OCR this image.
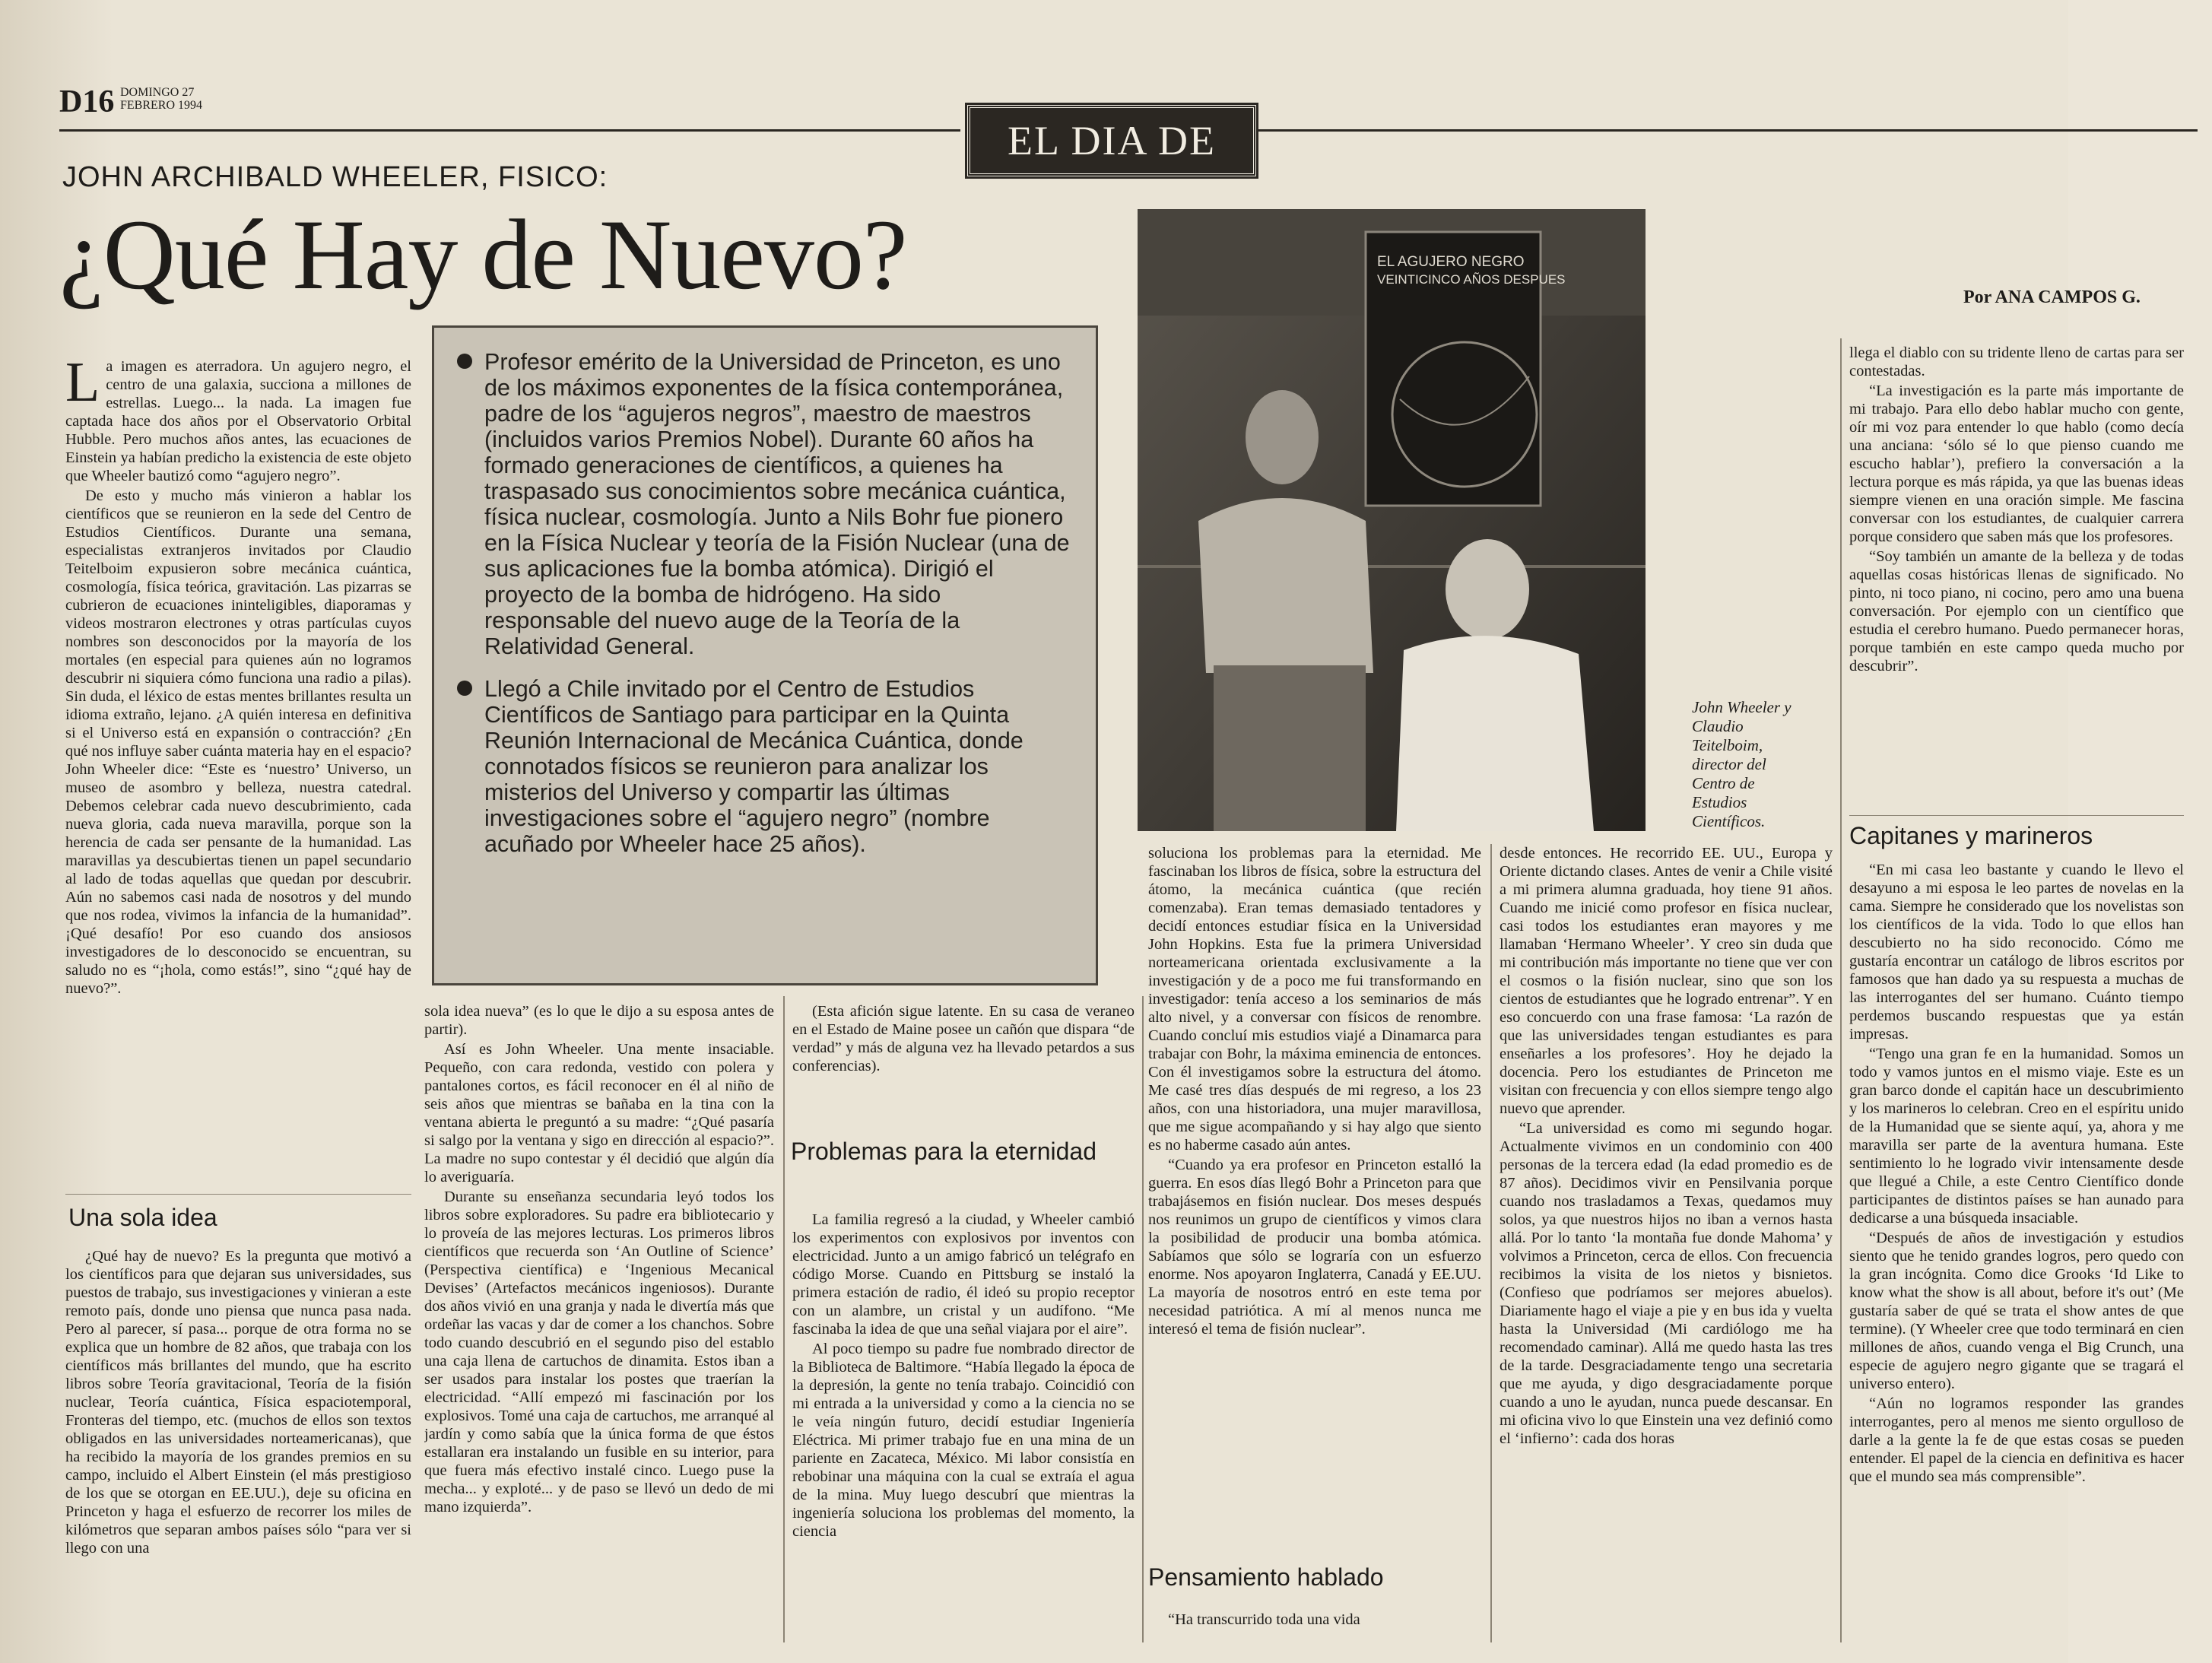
D16 DOMINGO 27
FEBRERO 1994
EL DIA DE
JOHN ARCHIBALD WHEELER, FISICO:
¿Qué Hay de Nuevo?	Por ANA CAMPOS G.

La imagen es aterradora. Un agujero negro, el centro de una galaxia, succiona a millones de estrellas. Luego... la nada. La imagen fue captada hace dos años por el Observatorio Orbital Hubble. Pero muchos años antes, las ecuaciones de Einstein ya habían predicho la existencia de este objeto que Wheeler bautizó como “agujero negro”.

De esto y mucho más vinieron a hablar los científicos que se reunieron en la sede del Centro de Estudios Científicos. Durante una semana, especialistas extranjeros invitados por Claudio Teitelboim expusieron sobre mecánica cuántica, cosmología, física teórica, gravitación. Las pizarras se cubrieron de ecuaciones ininteligibles, diaporamas y videos mostraron electrones y otras partículas cuyos nombres son desconocidos por la mayoría de los mortales (en especial para quienes aún no logramos descubrir ni siquiera cómo funciona una radio a pilas). Sin duda, el léxico de estas mentes brillantes resulta un idioma extraño, lejano. ¿A quién interesa en definitiva si el Universo está en expansión o contracción? ¿En qué nos influye saber cuánta materia hay en el espacio? John Wheeler dice: “Este es ‘nuestro’ Universo, un museo de asombro y belleza, nuestra catedral. Debemos celebrar cada nuevo descubrimiento, cada nueva gloria, cada nueva maravilla, porque son la herencia de cada ser pensante de la humanidad. Las maravillas ya descubiertas tienen un papel secundario al lado de todas aquellas que quedan por descubrir. Aún no sabemos casi nada de nosotros y del mundo que nos rodea, vivimos la infancia de la humanidad”. ¡Qué desafío! Por eso cuando dos ansiosos investigadores de lo desconocido se encuentran, su saludo no es “¡hola, como estás!”, sino “¿qué hay de nuevo?”.

Una sola idea

¿Qué hay de nuevo? Es la pregunta que motivó a los científicos para que dejaran sus universidades, sus puestos de trabajo, sus investigaciones y vinieran a este remoto país, donde uno piensa que nunca pasa nada. Pero al parecer, sí pasa... porque de otra forma no se explica que un hombre de 82 años, que trabaja con los científicos más brillantes del mundo, que ha escrito libros sobre Teoría gravitacional, Teoría de la fisión nuclear, Teoría cuántica, Física espaciotemporal, Fronteras del tiempo, etc. (muchos de ellos son textos obligados en las universidades norteamericanas), que ha recibido la mayoría de los grandes premios en su campo, incluido el Albert Einstein (el más prestigioso de los que se otorgan en EE.UU.), deje su oficina en Princeton y haga el esfuerzo de recorrer los miles de kilómetros que separan ambos países sólo “para ver si llego con una

Profesor emérito de la Universidad de Princeton, es uno de los máximos exponentes de la física contemporánea, padre de los “agujeros negros”, maestro de maestros (incluidos varios Premios Nobel). Durante 60 años ha formado generaciones de científicos, a quienes ha traspasado sus conocimientos sobre mecánica cuántica, física nuclear, cosmología. Junto a Nils Bohr fue pionero en la Física Nuclear y teoría de la Fisión Nuclear (una de sus aplicaciones fue la bomba atómica). Dirigió el proyecto de la bomba de hidrógeno. Ha sido responsable del nuevo auge de la Teoría de la Relatividad General.

Llegó a Chile invitado por el Centro de Estudios Científicos de Santiago para participar en la Quinta Reunión Internacional de Mecánica Cuántica, donde connotados físicos se reunieron para analizar los misterios del Universo y compartir las últimas investigaciones sobre el “agujero negro” (nombre acuñado por Wheeler hace 25 años).

EL AGUJERO NEGRO
VEINTICINCO AÑOS DESPUES
John Wheeler y Claudio Teitelboim, director del Centro de Estudios Científicos.

sola idea nueva” (es lo que le dijo a su esposa antes de partir).

Así es John Wheeler. Una mente insaciable. Pequeño, con cara redonda, vestido con polera y pantalones cortos, es fácil reconocer en él al niño de seis años que mientras se bañaba en la tina con la ventana abierta le preguntó a su madre: “¿Qué pasaría si salgo por la ventana y sigo en dirección al espacio?”. La madre no supo contestar y él decidió que algún día lo averiguaría.

Durante su enseñanza secundaria leyó todos los libros sobre exploradores. Su padre era bibliotecario y lo proveía de las mejores lecturas. Los primeros libros científicos que recuerda son ‘An Outline of Science’ (Perspectiva científica) e ‘Ingenious Mecanical Devises’ (Artefactos mecánicos ingeniosos). Durante dos años vivió en una granja y nada le divertía más que ordeñar las vacas y dar de comer a los chanchos. Sobre todo cuando descubrió en el segundo piso del establo una caja llena de cartuchos de dinamita. Estos iban a ser usados para instalar los postes que traerían la electricidad. “Allí empezó mi fascinación por los explosivos. Tomé una caja de cartuchos, me arranqué al jardín y como sabía que la única forma de que éstos estallaran era instalando un fusible en su interior, para que fuera más efectivo instalé cinco. Luego puse la mecha... y exploté... y de paso se llevó un dedo de mi mano izquierda”.

(Esta afición sigue latente. En su casa de veraneo en el Estado de Maine posee un cañón que dispara “de verdad” y más de alguna vez ha llevado petardos a sus conferencias).

Problemas para la eternidad

La familia regresó a la ciudad, y Wheeler cambió los experimentos con explosivos por inventos con electricidad. Junto a un amigo fabricó un telégrafo en código Morse. Cuando en Pittsburg se instaló la primera estación de radio, él ideó su propio receptor con un alambre, un cristal y un audífono. “Me fascinaba la idea de que una señal viajara por el aire”.

Al poco tiempo su padre fue nombrado director de la Biblioteca de Baltimore. “Había llegado la época de la depresión, la gente no tenía trabajo. Coincidió con mi entrada a la universidad y como a la ciencia no se le veía ningún futuro, decidí estudiar Ingeniería Eléctrica. Mi primer trabajo fue en una mina de un pariente en Zacateca, México. Mi labor consistía en rebobinar una máquina con la cual se extraía el agua de la mina. Muy luego descubrí que mientras la ingeniería soluciona los problemas del momento, la ciencia

soluciona los problemas para la eternidad. Me fascinaban los libros de física, sobre la estructura del átomo, la mecánica cuántica (que recién comenzaba). Eran temas demasiado tentadores y decidí entonces estudiar física en la Universidad John Hopkins. Esta fue la primera Universidad norteamericana orientada exclusivamente a la investigación y de a poco me fui transformando en investigador: tenía acceso a los seminarios de más alto nivel, y a conversar con físicos de renombre. Cuando concluí mis estudios viajé a Dinamarca para trabajar con Bohr, la máxima eminencia de entonces. Con él investigamos sobre la estructura del átomo. Me casé tres días después de mi regreso, a los 23 años, con una historiadora, una mujer maravillosa, que me sigue acompañando y si hay algo que siento es no haberme casado aún antes.

“Cuando ya era profesor en Princeton estalló la guerra. En esos días llegó Bohr a Princeton para que trabajásemos en fisión nuclear. Dos meses después nos reunimos un grupo de científicos y vimos clara la posibilidad de producir una bomba atómica. Sabíamos que sólo se lograría con un esfuerzo enorme. Nos apoyaron Inglaterra, Canadá y EE.UU. La mayoría de nosotros entró en este tema por necesidad patriótica. A mí al menos nunca me interesó el tema de fisión nuclear”.

Pensamiento hablado

“Ha transcurrido toda una vida

desde entonces. He recorrido EE. UU., Europa y Oriente dictando clases. Antes de venir a Chile visité a mi primera alumna graduada, hoy tiene 91 años. Cuando me inicié como profesor en física nuclear, casi todos los estudiantes eran mayores y me llamaban ‘Hermano Wheeler’. Y creo sin duda que mi contribución más importante no tiene que ver con el cosmos o la fisión nuclear, sino que son los cientos de estudiantes que he logrado entrenar”. Y en eso concuerdo con una frase famosa: ‘La razón de que las universidades tengan estudiantes es para enseñarles a los profesores’. Hoy he dejado la docencia. Pero los estudiantes de Princeton me visitan con frecuencia y con ellos siempre tengo algo nuevo que aprender.

“La universidad es como mi segundo hogar. Actualmente vivimos en un condominio con 400 personas de la tercera edad (la edad promedio es de 87 años). Decidimos vivir en Pensilvania porque cuando nos trasladamos a Texas, quedamos muy solos, ya que nuestros hijos no iban a vernos hasta allá. Por lo tanto ‘la montaña fue donde Mahoma’ y volvimos a Princeton, cerca de ellos. Con frecuencia recibimos la visita de los nietos y bisnietos. (Confieso que podríamos ser mejores abuelos). Diariamente hago el viaje a pie y en bus ida y vuelta hasta la Universidad (Mi cardiólogo me ha recomendado caminar). Allá me quedo hasta las tres de la tarde. Desgraciadamente tengo una secretaria que me ayuda, y digo desgraciadamente porque cuando a uno le ayudan, nunca puede descansar. En mi oficina vivo lo que Einstein una vez definió como el ‘infierno’: cada dos horas

llega el diablo con su tridente lleno de cartas para ser contestadas.

“La investigación es la parte más importante de mi trabajo. Para ello debo hablar mucho con gente, oír mi voz para entender lo que hablo (como decía una anciana: ‘sólo sé lo que pienso cuando me escucho hablar’), prefiero la conversación a la lectura porque es más rápida, ya que las buenas ideas siempre vienen en una oración simple. Me fascina conversar con los estudiantes, de cualquier carrera porque considero que saben más que los profesores.

“Soy también un amante de la belleza y de todas aquellas cosas históricas llenas de significado. No pinto, ni toco piano, ni cocino, pero amo una buena conversación. Por ejemplo con un científico que estudia el cerebro humano. Puedo permanecer horas, porque también en este campo queda mucho por descubrir”.

Capitanes y marineros

“En mi casa leo bastante y cuando le llevo el desayuno a mi esposa le leo partes de novelas en la cama. Siempre he considerado que los novelistas son los científicos de la vida. Todo lo que ellos han descubierto no ha sido reconocido. Cómo me gustaría encontrar un catálogo de libros escritos por famosos que han dado ya su respuesta a muchas de las interrogantes del ser humano. Cuánto tiempo perdemos buscando respuestas que ya están impresas.

“Tengo una gran fe en la humanidad. Somos un todo y vamos juntos en el mismo viaje. Este es un gran barco donde el capitán hace un descubrimiento y los marineros lo celebran. Creo en el espíritu unido de la Humanidad que se siente aquí, ya, ahora y me maravilla ser parte de la aventura humana. Este sentimiento lo he logrado vivir intensamente desde que llegué a Chile, a este Centro Científico donde participantes de distintos países se han aunado para dedicarse a una búsqueda insaciable.

“Después de años de investigación y estudios siento que he tenido grandes logros, pero quedo con la gran incógnita. Como dice Grooks ‘Id Like to know what the show is all about, before it's out’ (Me gustaría saber de qué se trata el show antes de que termine). (Y Wheeler cree que todo terminará en cien millones de años, cuando venga el Big Crunch, una especie de agujero negro gigante que se tragará el universo entero).

“Aún no logramos responder las grandes interrogantes, pero al menos me siento orgulloso de darle a la gente la fe de que estas cosas se pueden entender. El papel de la ciencia en definitiva es hacer que el mundo sea más comprensible”.
